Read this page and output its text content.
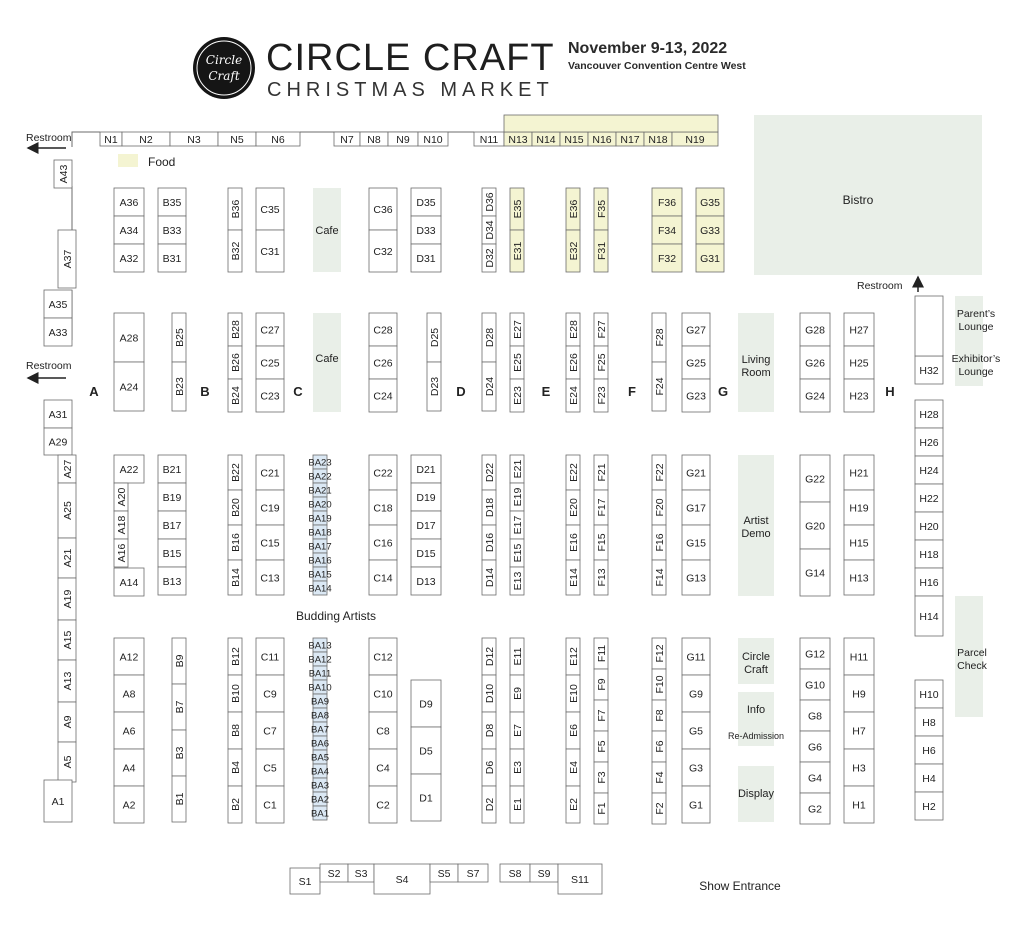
Circle
Craft CIRCLE CRAFT
CHRISTMAS MARKET
November 9-13, 2022
Vancouver Convention Centre West
Bistro
Cafe
Cafe	Living Room
Artist Demo
Circle Craft
Info
Re-Admission
Display
Parent’s Lounge
Exhibitor’s Lounge
Parcel Check
Food
Restroom
Restroom
Restroom
Budding Artists
Show Entrance
A	B	C	D	E	F	G	H
N1 N2	N3	N5	N6	N7 N8 N9 N10	N11 N13 N14 N15 N16 N17 N18 N19
S1
S2 S3	S4	S5 S7	S8 S9 S11
A43
A37
A35
A33
A31
A29
A27
A25
A21
A19
A15
A13
A9
A5
A1
H32
H28
H26
H24
H22
H20
H18
H16
H14
H10
H8
H6
H4
H2
BA23
BA22
BA21
BA20
BA19
BA18
BA17
BA16
BA15
BA14
BA13
BA12
BA11
BA10
BA9
BA8
BA7
BA6
BA5
BA4
BA3
BA2
BA1
A36
A34
A32
B35
B33
B31
B36
B32
C35
C31
C36
C32
D35
D33
D31
D36
D34
D32
E35
E31
E36
E32
F35
F31
F36
F34
F32
G35
G33
G31
A28
A24
B25
B23
B28
B26
B24
C27
C25
C23
C28
C26
C24
D25
D23
D28
D24
E27
E25
E23
E28
E26
E24
F27
F25
F23
F28
F24
G27
G25
G23
G28
G26
G24
H27
H25
H23
A22
A20
A18
A16
A14
B21
B19
B17
B15
B13
B22
B20
B16
B14
C21
C19
C15
C13
C22
C18
C16
C14
D21
D19
D17
D15
D13
D22
D18
D16
D14
E21
E19
E17
E15
E13
E22
E20
E16
E14
F21
F17
F15
F13
F22
F20
F16
F14
G21
G17
G15
G13
G22
G20
G14
H21
H19
H15
H13
A12
A8
A6
A4
A2
B9
B7
B3
B1
B12
B10
B8
B4
B2
C11
C9
C7
C5
C1
C12
C10
C8
C4
C2
D9
D5
D1
D12
D10
D8
D6
D2
E11
E9
E7
E3
E1
E12
E10
E6
E4
E2
F11
F9
F7
F5
F3
F1
F12
F10
F8
F6
F4
F2
G11
G9
G5
G3
G1
G12
G10
G8
G6
G4
G2
H11
H9
H7
H3
H1
